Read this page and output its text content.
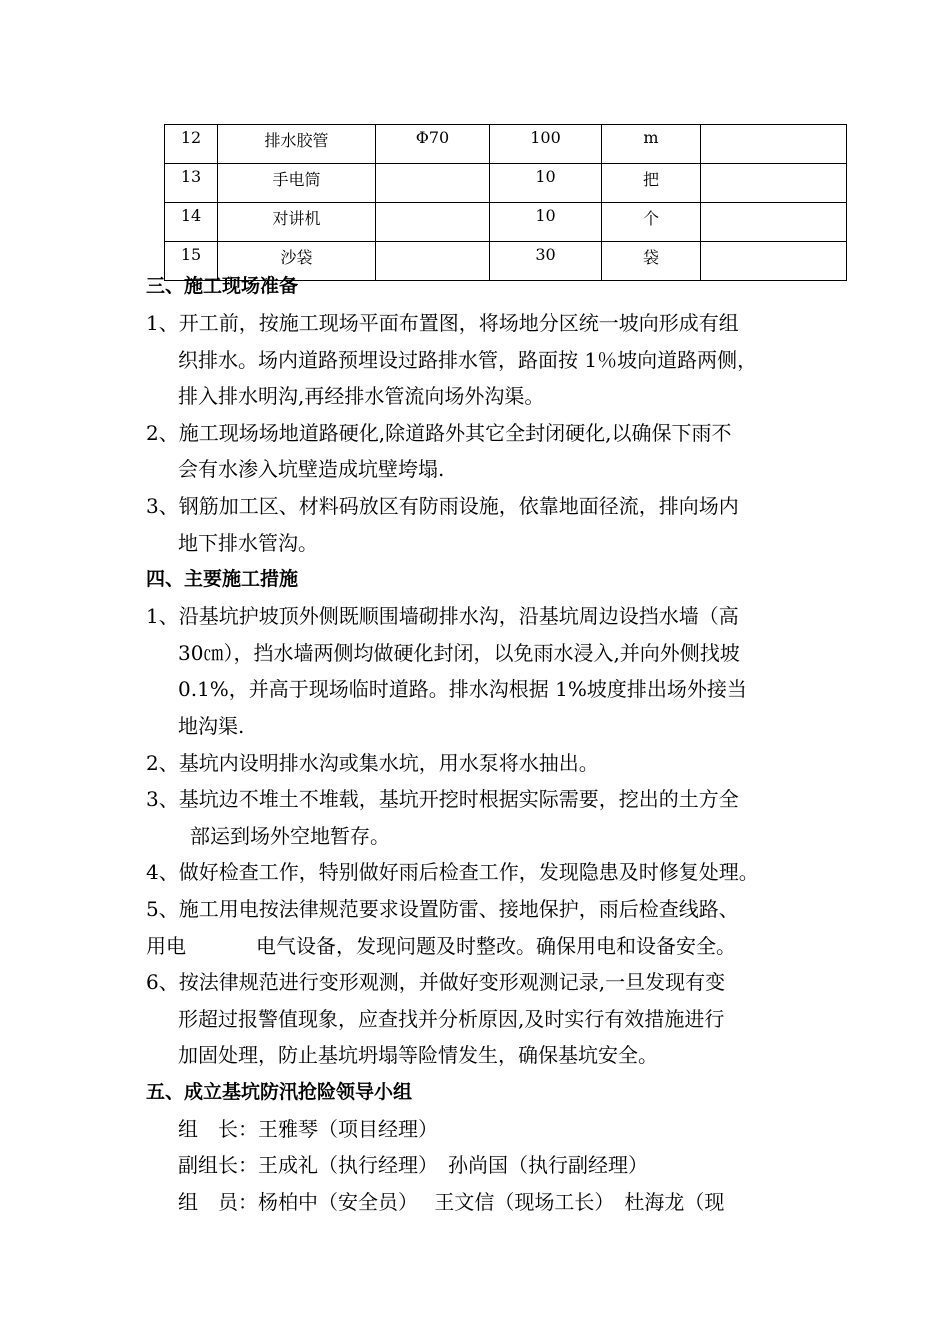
12	排水胶管	Φ70	100	m	
13	手电筒		10	把	
14	对讲机		10	个	
15	沙袋		30	袋	
三、施工现场准备
1、开工前，按施工现场平面布置图，将场地分区统一坡向形成有组
织排水。场内道路预埋设过路排水管，路面按 1％坡向道路两侧，
排入排水明沟,再经排水管流向场外沟渠。
2、施工现场场地道路硬化,除道路外其它全封闭硬化,以确保下雨不
会有水渗入坑壁造成坑壁垮塌.
3、钢筋加工区、材料码放区有防雨设施，依靠地面径流，排向场内
地下排水管沟。
四、主要施工措施
1、沿基坑护坡顶外侧既顺围墙砌排水沟，沿基坑周边设挡水墙（高
30㎝），挡水墙两侧均做硬化封闭，以免雨水浸入,并向外侧找坡
0.1%，并高于现场临时道路。排水沟根据 1%坡度排出场外接当
地沟渠.
2、基坑内设明排水沟或集水坑，用水泵将水抽出。
3、基坑边不堆土不堆载，基坑开挖时根据实际需要，挖出的土方全
部运到场外空地暂存。
4、做好检查工作，特别做好雨后检查工作，发现隐患及时修复处理。
5、施工用电按法律规范要求设置防雷、接地保护，雨后检查线路、
用电	电气设备，发现问题及时整改。确保用电和设备安全。
6、按法律规范进行变形观测，并做好变形观测记录,一旦发现有变
形超过报警值现象，应查找并分析原因,及时实行有效措施进行
加固处理，防止基坑坍塌等险情发生，确保基坑安全。
五、成立基坑防汛抢险领导小组
组　长：王雅琴（项目经理）
副组长：王成礼（执行经理）　孙尚国（执行副经理）
组　员：杨柏中（安全员）　 王文信（现场工长）　杜海龙（现
